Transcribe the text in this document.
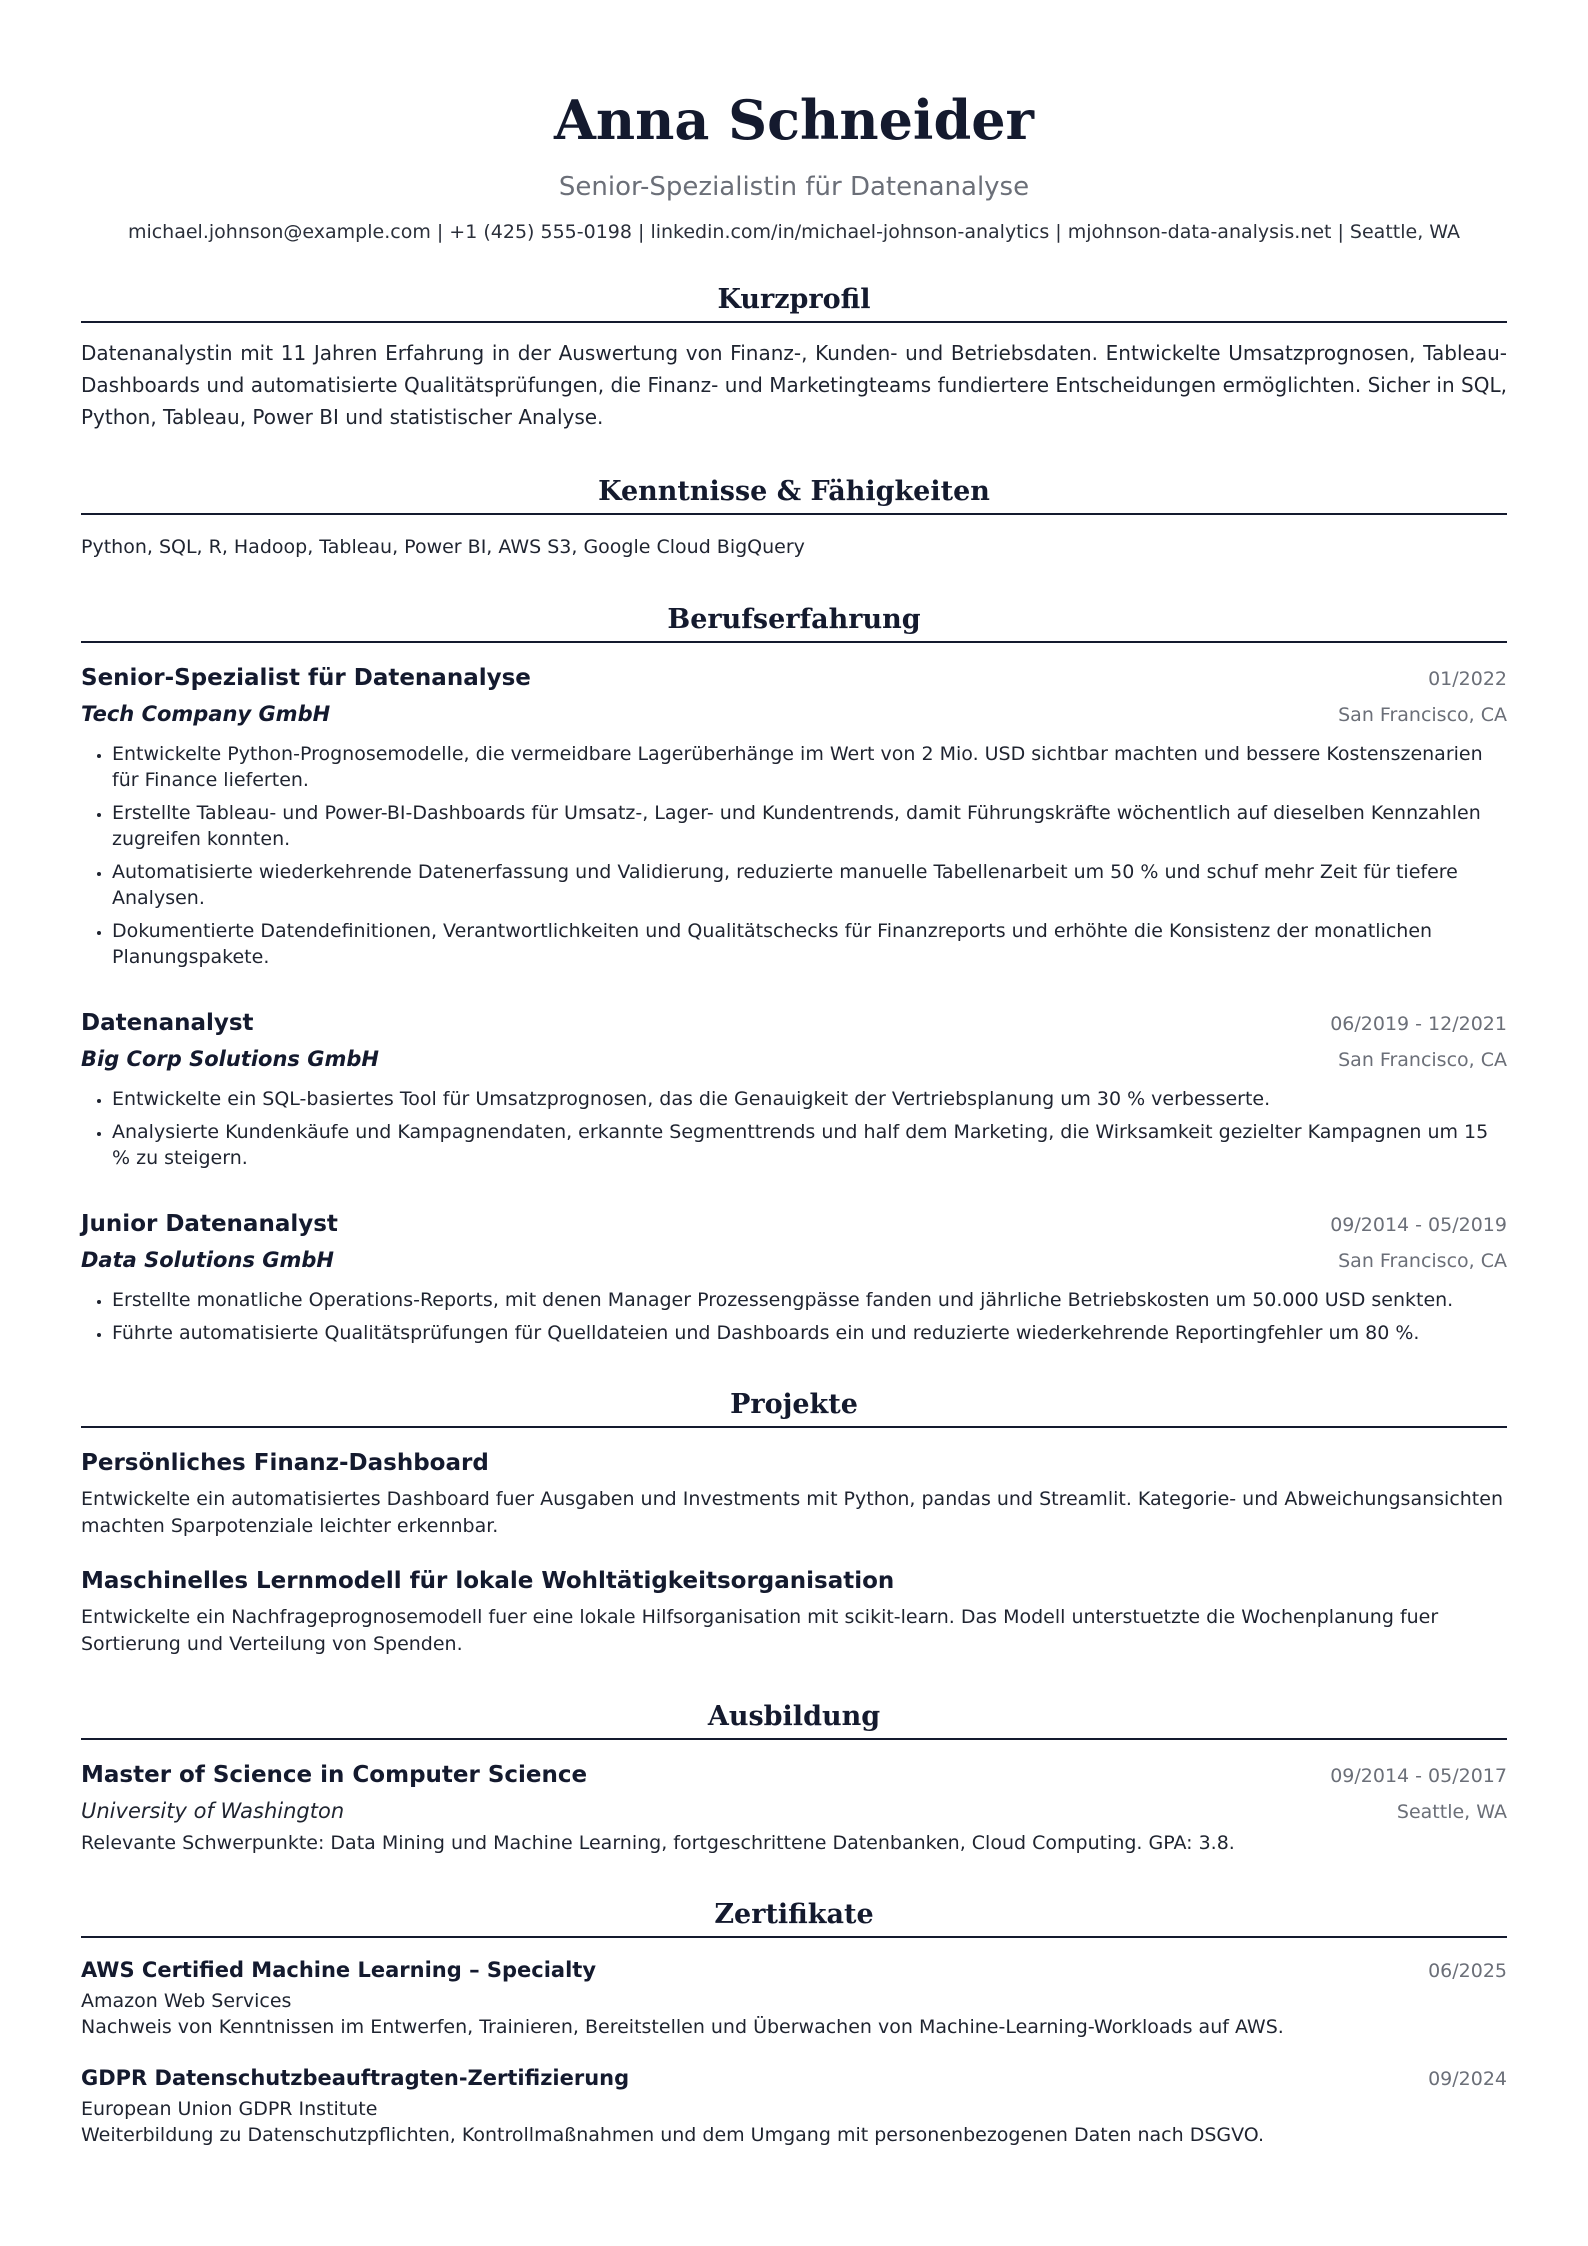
Anna Schneider
Senior-Spezialistin für Datenanalyse
michael.johnson@example.com | +1 (425) 555-0198 | linkedin.com/in/michael-johnson-analytics | mjohnson-data-analysis.net | Seattle, WA
Kurzprofil
Datenanalystin mit 11 Jahren Erfahrung in der Auswertung von Finanz-, Kunden- und Betriebsdaten. Entwickelte Umsatzprognosen, Tableau-Dashboards und automatisierte Qualitätsprüfungen, die Finanz- und Marketingteams fundiertere Entscheidungen ermöglichten. Sicher in SQL, Python, Tableau, Power BI und statistischer Analyse.
Kenntnisse & Fähigkeiten
Python, SQL, R, Hadoop, Tableau, Power BI, AWS S3, Google Cloud BigQuery
Berufserfahrung
Senior-Spezialist für Datenanalyse	01/2022
Tech Company GmbH	San Francisco, CA
• Entwickelte Python-Prognosemodelle, die vermeidbare Lagerüberhänge im Wert von 2 Mio. USD sichtbar machten und bessere Kostenszenarien für Finance lieferten.
• Erstellte Tableau- und Power-BI-Dashboards für Umsatz-, Lager- und Kundentrends, damit Führungskräfte wöchentlich auf dieselben Kennzahlen zugreifen konnten.
• Automatisierte wiederkehrende Datenerfassung und Validierung, reduzierte manuelle Tabellenarbeit um 50 % und schuf mehr Zeit für tiefere Analysen.
• Dokumentierte Datendefinitionen, Verantwortlichkeiten und Qualitätschecks für Finanzreports und erhöhte die Konsistenz der monatlichen Planungspakete.
Datenanalyst	06/2019 - 12/2021
Big Corp Solutions GmbH	San Francisco, CA
• Entwickelte ein SQL-basiertes Tool für Umsatzprognosen, das die Genauigkeit der Vertriebsplanung um 30 % verbesserte.
• Analysierte Kundenkäufe und Kampagnendaten, erkannte Segmenttrends und half dem Marketing, die Wirksamkeit gezielter Kampagnen um 15 % zu steigern.
Junior Datenanalyst	09/2014 - 05/2019
Data Solutions GmbH	San Francisco, CA
• Erstellte monatliche Operations-Reports, mit denen Manager Prozessengpässe fanden und jährliche Betriebskosten um 50.000 USD senkten.
• Führte automatisierte Qualitätsprüfungen für Quelldateien und Dashboards ein und reduzierte wiederkehrende Reportingfehler um 80 %.
Projekte
Persönliches Finanz-Dashboard
Entwickelte ein automatisiertes Dashboard fuer Ausgaben und Investments mit Python, pandas und Streamlit. Kategorie- und Abweichungsansichten machten Sparpotenziale leichter erkennbar.
Maschinelles Lernmodell für lokale Wohltätigkeitsorganisation
Entwickelte ein Nachfrageprognosemodell fuer eine lokale Hilfsorganisation mit scikit-learn. Das Modell unterstuetzte die Wochenplanung fuer Sortierung und Verteilung von Spenden.
Ausbildung
Master of Science in Computer Science	09/2014 - 05/2017
University of Washington	Seattle, WA
Relevante Schwerpunkte: Data Mining und Machine Learning, fortgeschrittene Datenbanken, Cloud Computing. GPA: 3.8.
Zertifikate
AWS Certified Machine Learning – Specialty	06/2025
Amazon Web Services
Nachweis von Kenntnissen im Entwerfen, Trainieren, Bereitstellen und Überwachen von Machine-Learning-Workloads auf AWS.
GDPR Datenschutzbeauftragten-Zertifizierung	09/2024
European Union GDPR Institute
Weiterbildung zu Datenschutzpflichten, Kontrollmaßnahmen und dem Umgang mit personenbezogenen Daten nach DSGVO.
